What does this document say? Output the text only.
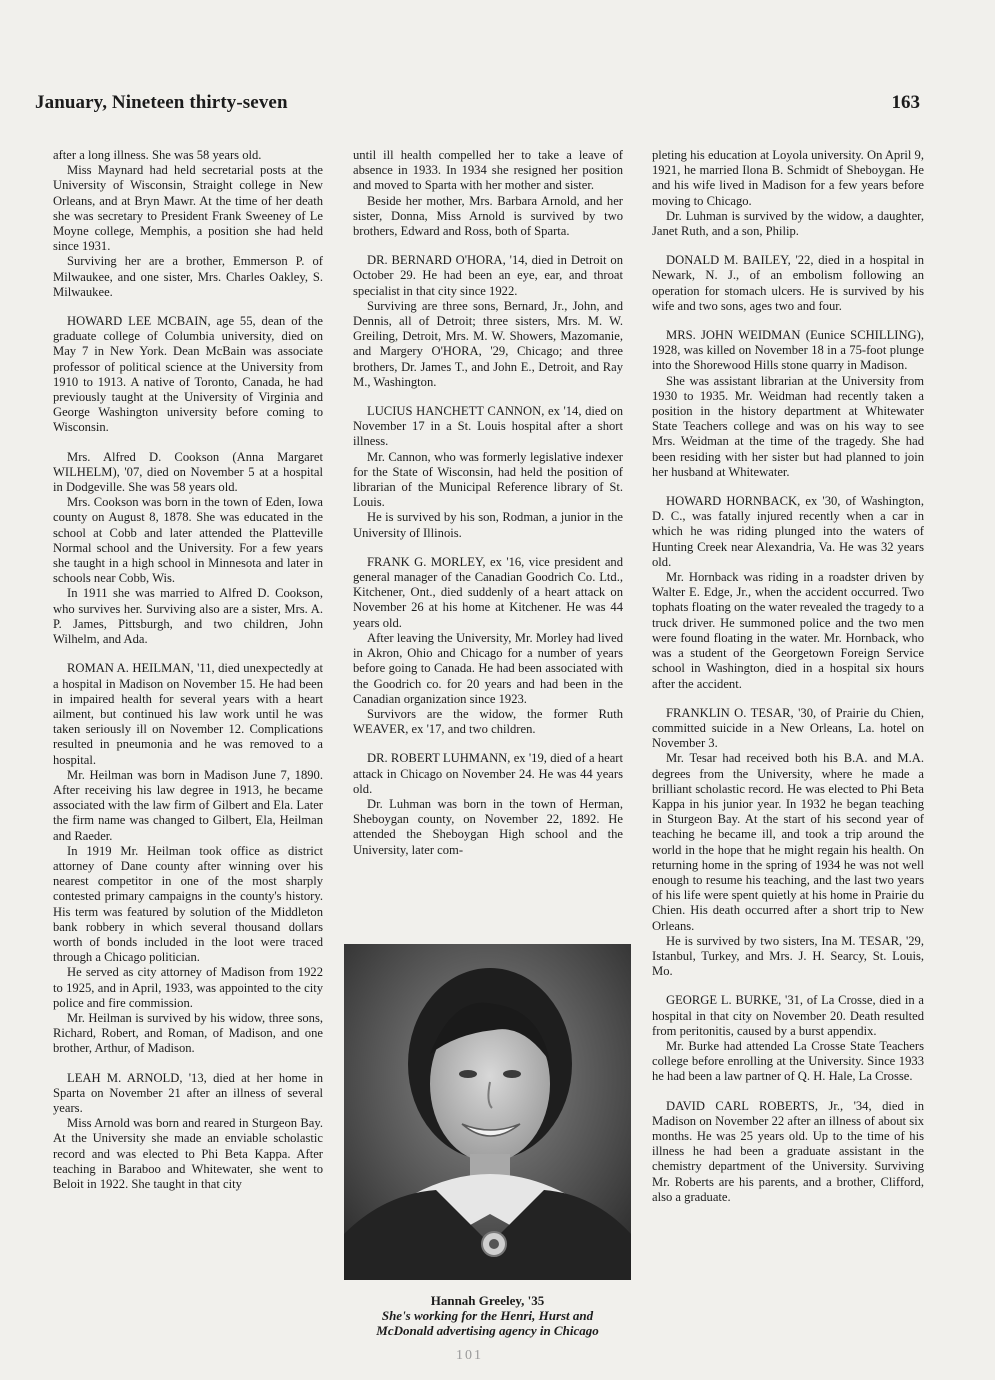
January, Nineteen thirty-seven	163

after a long illness. She was 58 years old.

Miss Maynard had held secretarial posts at the University of Wisconsin, Straight college in New Orleans, and at Bryn Mawr. At the time of her death she was secretary to President Frank Sweeney of Le Moyne college, Memphis, a position she had held since 1931.

Surviving her are a brother, Emmerson P. of Milwaukee, and one sister, Mrs. Charles Oakley, S. Milwaukee.

HOWARD LEE MCBAIN, age 55, dean of the graduate college of Columbia university, died on May 7 in New York. Dean McBain was associate professor of political science at the University from 1910 to 1913. A native of Toronto, Canada, he had previously taught at the University of Virginia and George Washington university before coming to Wisconsin.

Mrs. Alfred D. Cookson (Anna Margaret WILHELM), '07, died on November 5 at a hospital in Dodgeville. She was 58 years old.

Mrs. Cookson was born in the town of Eden, Iowa county on August 8, 1878. She was educated in the school at Cobb and later attended the Platteville Normal school and the University. For a few years she taught in a high school in Minnesota and later in schools near Cobb, Wis.

In 1911 she was married to Alfred D. Cookson, who survives her. Surviving also are a sister, Mrs. A. P. James, Pittsburgh, and two children, John Wilhelm, and Ada.

ROMAN A. HEILMAN, '11, died unexpectedly at a hospital in Madison on November 15. He had been in impaired health for several years with a heart ailment, but continued his law work until he was taken seriously ill on November 12. Complications resulted in pneumonia and he was removed to a hospital.

Mr. Heilman was born in Madison June 7, 1890. After receiving his law degree in 1913, he became associated with the law firm of Gilbert and Ela. Later the firm name was changed to Gilbert, Ela, Heilman and Raeder.

In 1919 Mr. Heilman took office as district attorney of Dane county after winning over his nearest competitor in one of the most sharply contested primary campaigns in the county's history. His term was featured by solution of the Middleton bank robbery in which several thousand dollars worth of bonds included in the loot were traced through a Chicago politician.

He served as city attorney of Madison from 1922 to 1925, and in April, 1933, was appointed to the city police and fire commission.

Mr. Heilman is survived by his widow, three sons, Richard, Robert, and Roman, of Madison, and one brother, Arthur, of Madison.

LEAH M. ARNOLD, '13, died at her home in Sparta on November 21 after an illness of several years.

Miss Arnold was born and reared in Sturgeon Bay. At the University she made an enviable scholastic record and was elected to Phi Beta Kappa. After teaching in Baraboo and Whitewater, she went to Beloit in 1922. She taught in that city

until ill health compelled her to take a leave of absence in 1933. In 1934 she resigned her position and moved to Sparta with her mother and sister.

Beside her mother, Mrs. Barbara Arnold, and her sister, Donna, Miss Arnold is survived by two brothers, Edward and Ross, both of Sparta.

DR. BERNARD O'HORA, '14, died in Detroit on October 29. He had been an eye, ear, and throat specialist in that city since 1922.

Surviving are three sons, Bernard, Jr., John, and Dennis, all of Detroit; three sisters, Mrs. M. W. Greiling, Detroit, Mrs. M. W. Showers, Mazomanie, and Margery O'HORA, '29, Chicago; and three brothers, Dr. James T., and John E., Detroit, and Ray M., Washington.

LUCIUS HANCHETT CANNON, ex '14, died on November 17 in a St. Louis hospital after a short illness.

Mr. Cannon, who was formerly legislative indexer for the State of Wisconsin, had held the position of librarian of the Municipal Reference library of St. Louis.

He is survived by his son, Rodman, a junior in the University of Illinois.

FRANK G. MORLEY, ex '16, vice president and general manager of the Canadian Goodrich Co. Ltd., Kitchener, Ont., died suddenly of a heart attack on November 26 at his home at Kitchener. He was 44 years old.

After leaving the University, Mr. Morley had lived in Akron, Ohio and Chicago for a number of years before going to Canada. He had been associated with the Goodrich co. for 20 years and had been in the Canadian organization since 1923.

Survivors are the widow, the former Ruth WEAVER, ex '17, and two children.

DR. ROBERT LUHMANN, ex '19, died of a heart attack in Chicago on November 24. He was 44 years old.

Dr. Luhman was born in the town of Herman, Sheboygan county, on November 22, 1892. He attended the Sheboygan High school and the University, later com-

pleting his education at Loyola university. On April 9, 1921, he married Ilona B. Schmidt of Sheboygan. He and his wife lived in Madison for a few years before moving to Chicago.

Dr. Luhman is survived by the widow, a daughter, Janet Ruth, and a son, Philip.

DONALD M. BAILEY, '22, died in a hospital in Newark, N. J., of an embolism following an operation for stomach ulcers. He is survived by his wife and two sons, ages two and four.

MRS. JOHN WEIDMAN (Eunice SCHILLING), 1928, was killed on November 18 in a 75-foot plunge into the Shorewood Hills stone quarry in Madison.

She was assistant librarian at the University from 1930 to 1935. Mr. Weidman had recently taken a position in the history department at Whitewater State Teachers college and was on his way to see Mrs. Weidman at the time of the tragedy. She had been residing with her sister but had planned to join her husband at Whitewater.

HOWARD HORNBACK, ex '30, of Washington, D. C., was fatally injured recently when a car in which he was riding plunged into the waters of Hunting Creek near Alexandria, Va. He was 32 years old.

Mr. Hornback was riding in a roadster driven by Walter E. Edge, Jr., when the accident occurred. Two tophats floating on the water revealed the tragedy to a truck driver. He summoned police and the two men were found floating in the water. Mr. Hornback, who was a student of the Georgetown Foreign Service school in Washington, died in a hospital six hours after the accident.

FRANKLIN O. TESAR, '30, of Prairie du Chien, committed suicide in a New Orleans, La. hotel on November 3.

Mr. Tesar had received both his B.A. and M.A. degrees from the University, where he made a brilliant scholastic record. He was elected to Phi Beta Kappa in his junior year. In 1932 he began teaching in Sturgeon Bay. At the start of his second year of teaching he became ill, and took a trip around the world in the hope that he might regain his health. On returning home in the spring of 1934 he was not well enough to resume his teaching, and the last two years of his life were spent quietly at his home in Prairie du Chien. His death occurred after a short trip to New Orleans.

He is survived by two sisters, Ina M. TESAR, '29, Istanbul, Turkey, and Mrs. J. H. Searcy, St. Louis, Mo.

GEORGE L. BURKE, '31, of La Crosse, died in a hospital in that city on November 20. Death resulted from peritonitis, caused by a burst appendix.

Mr. Burke had attended La Crosse State Teachers college before enrolling at the University. Since 1933 he had been a law partner of Q. H. Hale, La Crosse.

DAVID CARL ROBERTS, Jr., '34, died in Madison on November 22 after an illness of about six months. He was 25 years old. Up to the time of his illness he had been a graduate assistant in the chemistry department of the University. Surviving Mr. Roberts are his parents, and a brother, Clifford, also a graduate.

Hannah Greeley, '35
She's working for the Henri, Hurst and
McDonald advertising agency in Chicago
101
